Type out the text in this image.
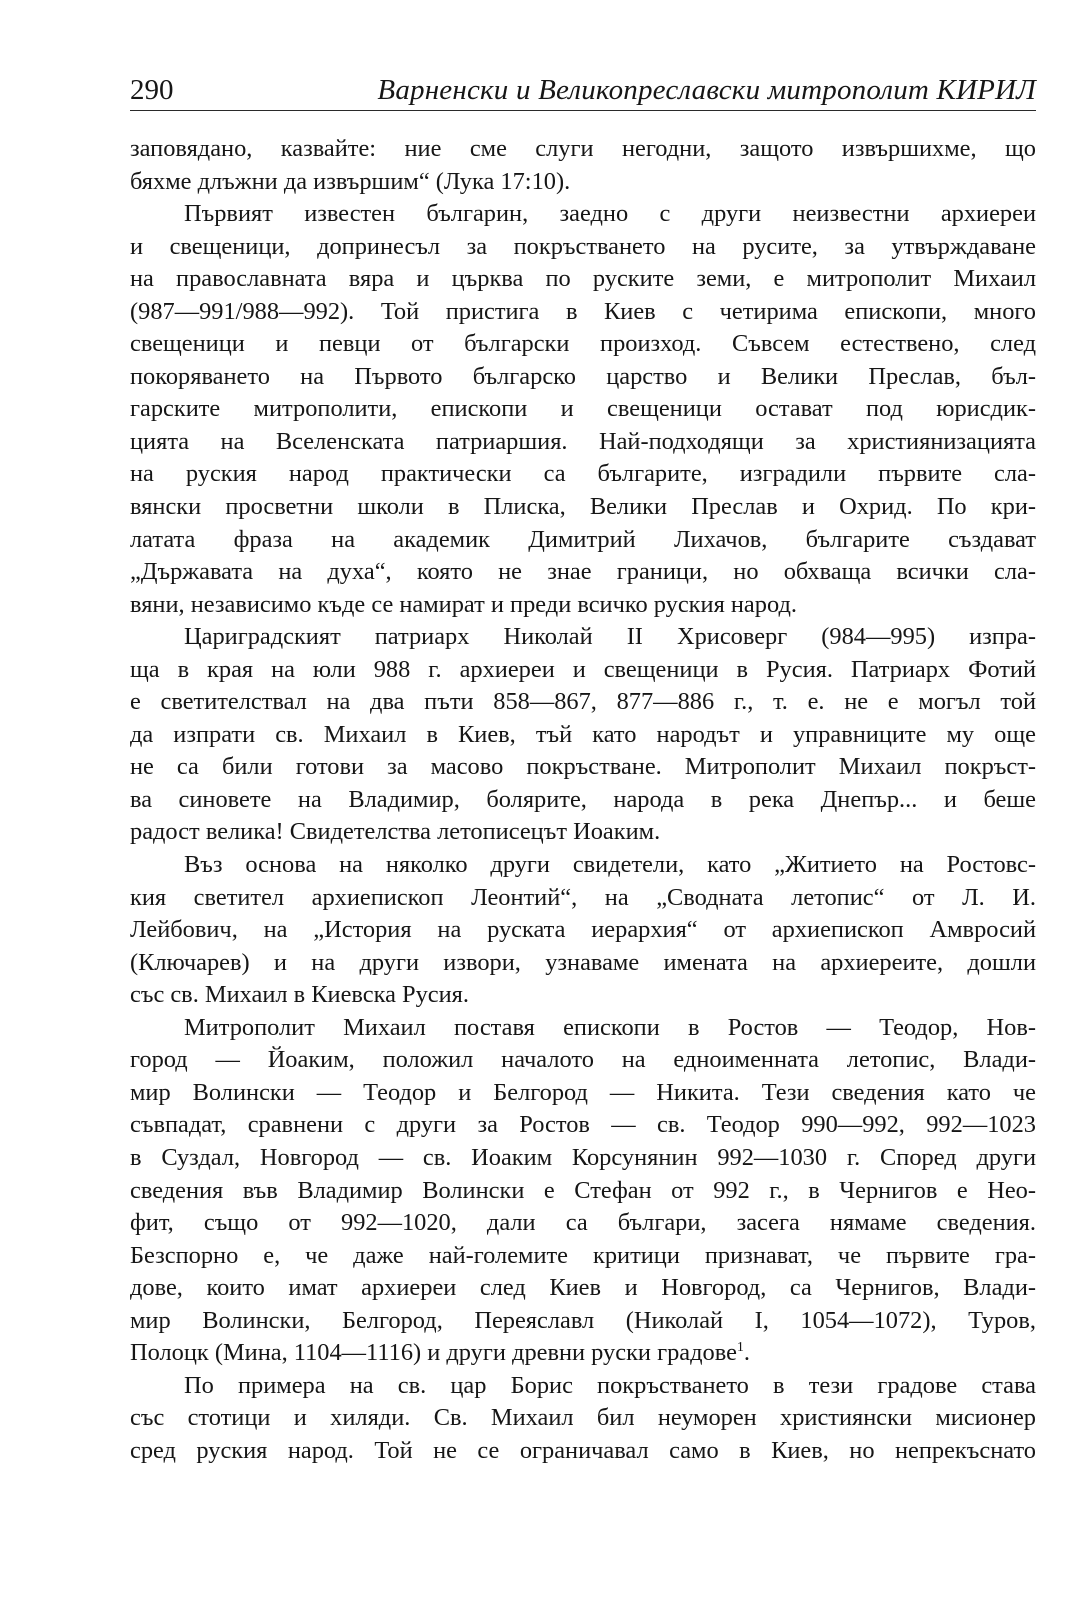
290	Варненски и Великопреславски митрополит КИРИЛ
заповядано, казвайте: ние сме слуги негодни, защото извършихме, що
бяхме длъжни да извършим“ (Лука 17:10).
Първият известен българин, заедно с други неизвестни архиереи
и свещеници, допринесъл за покръстването на русите, за утвърждаване
на православната вяра и църква по руските земи, е митрополит Михаил
(987—991/988—992). Той пристига в Киев с четирима епископи, много
свещеници и певци от български произход. Съвсем естествено, след
покоряването на Първото българско царство и Велики Преслав, бъл-
гарските митрополити, епископи и свещеници остават под юрисдик-
цията на Вселенската патриаршия. Най-подходящи за християнизацията
на руския народ практически са българите, изградили първите сла-
вянски просветни школи в Плиска, Велики Преслав и Охрид. По кри-
латата фраза на академик Димитрий Лихачов, българите създават
„Държавата на духа“, която не знае граници, но обхваща всички сла-
вяни, независимо къде се намират и преди всичко руския народ.
Цариградският патриарх Николай II Хрисоверг (984—995) изпра-
ща в края на юли 988 г. архиереи и свещеници в Русия. Патриарх Фотий
е светителствал на два пъти 858—867, 877—886 г., т. е. не е могъл той
да изпрати св. Михаил в Киев, тъй като народът и управниците му още
не са били готови за масово покръстване. Митрополит Михаил покръст-
ва синовете на Владимир, болярите, народа в река Днепър... и беше
радост велика! Свидетелства летописецът Иоаким.
Въз основа на няколко други свидетели, като „Житието на Ростовс-
кия светител архиепископ Леонтий“, на „Сводната летопис“ от Л. И.
Лейбович, на „История на руската иерархия“ от архиепископ Амвросий
(Ключарев) и на други извори, узнаваме имената на архиереите, дошли
със св. Михаил в Киевска Русия.
Митрополит Михаил поставя епископи в Ростов — Теодор, Нов-
город — Йоаким, положил началото на едноименната летопис, Влади-
мир Волински — Теодор и Белгород — Никита. Тези сведения като че
съвпадат, сравнени с други за Ростов — св. Теодор 990—992, 992—1023
в Суздал, Новгород — св. Иоаким Корсунянин 992—1030 г. Според други
сведения във Владимир Волински е Стефан от 992 г., в Чернигов е Нео-
фит, също от 992—1020, дали са българи, засега нямаме сведения.
Безспорно е, че даже най-големите критици признават, че първите гра-
дове, които имат архиереи след Киев и Новгород, са Чернигов, Влади-
мир Волински, Белгород, Переяславл (Николай I, 1054—1072), Туров,
Полоцк (Мина, 1104—1116) и други древни руски градове$^1$.
По примера на св. цар Борис покръстването в тези градове става
със стотици и хиляди. Св. Михаил бил неуморен християнски мисионер
сред руския народ. Той не се ограничавал само в Киев, но непрекъснато
